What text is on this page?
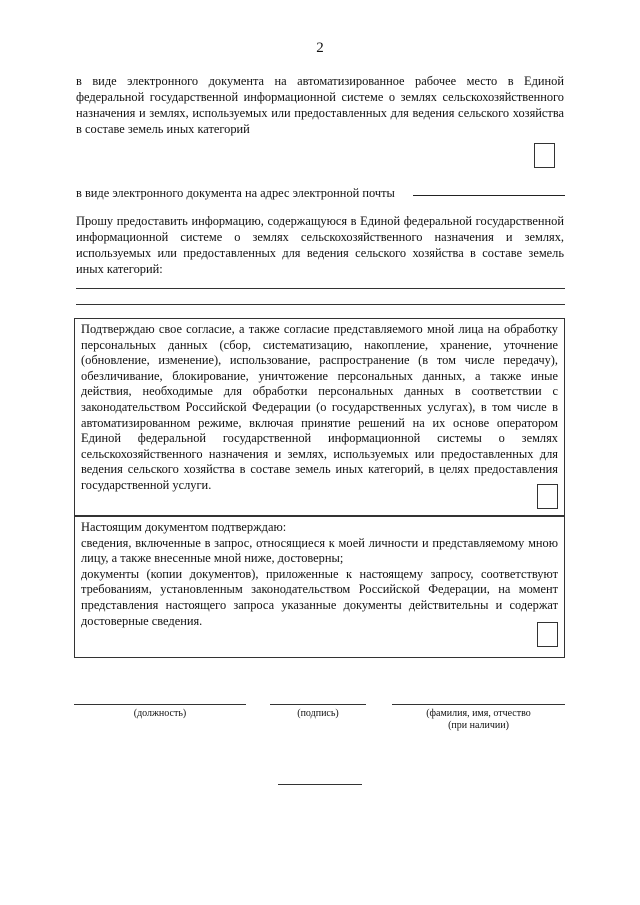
2
в виде электронного документа на автоматизированное рабочее место в Единой федеральной государственной информационной системе о землях сельскохозяйственного назначения и землях, используемых или предоставленных для ведения сельского хозяйства в составе земель иных категорий
в виде электронного документа на адрес электронной почты
Прошу предоставить информацию, содержащуюся в Единой федеральной государственной информационной системе о землях сельскохозяйственного назначения и землях, используемых или предоставленных для ведения сельского хозяйства в составе земель иных категорий:
Подтверждаю свое согласие, а также согласие представляемого мной лица на обработку персональных данных (сбор, систематизацию, накопление, хранение, уточнение (обновление, изменение), использование, распространение (в том числе передачу), обезличивание, блокирование, уничтожение персональных данных, а также иные действия, необходимые для обработки персональных данных в соответствии с законодательством Российской Федерации (о государственных услугах), в том числе в автоматизированном режиме, включая принятие решений на их основе оператором Единой федеральной государственной информационной системы о землях сельскохозяйственного назначения и землях, используемых или предоставленных для ведения сельского хозяйства в составе земель иных категорий, в целях предоставления государственной услуги.

Настоящим документом подтверждаю:

сведения, включенные в запрос, относящиеся к моей личности и представляемому мною лицу, а также внесенные мной ниже, достоверны;

документы (копии документов), приложенные к настоящему запросу, соответствуют требованиям, установленным законодательством Российской Федерации, на момент представления настоящего запроса указанные документы действительны и содержат достоверные сведения.

(должность)	(подпись)	(фамилия, имя, отчество
(при наличии)
